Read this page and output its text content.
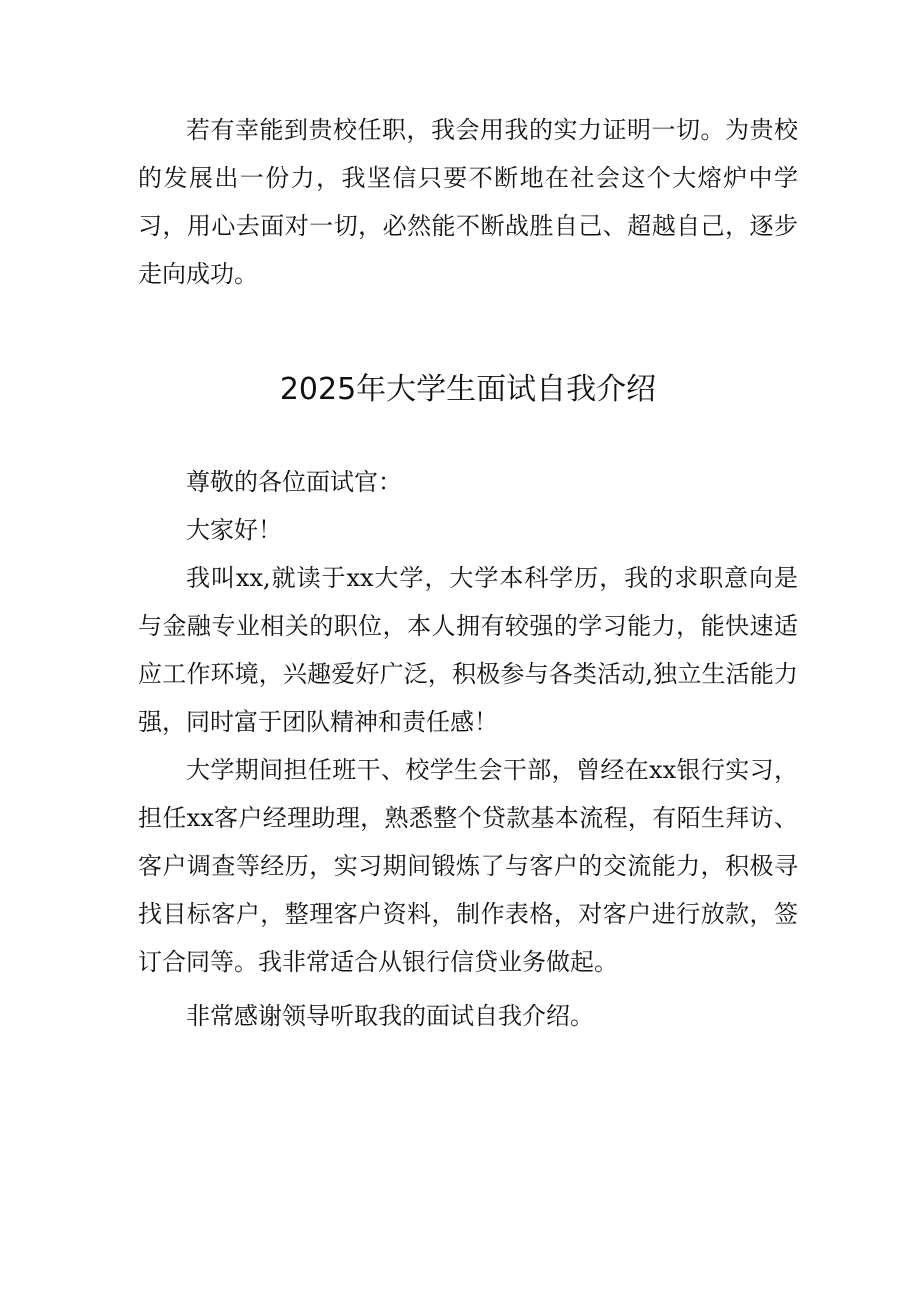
若有幸能到贵校任职，我会用我的实力证明一切。为贵校的发展出一份力，我坚信只要不断地在社会这个大熔炉中学习，用心去面对一切，必然能不断战胜自己、超越自己，逐步走向成功。

2025年大学生面试自我介绍

尊敬的各位面试官：

大家好！

我叫xx,就读于xx大学，大学本科学历，我的求职意向是与金融专业相关的职位，本人拥有较强的学习能力，能快速适应工作环境，兴趣爱好广泛，积极参与各类活动,独立生活能力强，同时富于团队精神和责任感！

大学期间担任班干、校学生会干部，曾经在xx银行实习，担任xx客户经理助理，熟悉整个贷款基本流程，有陌生拜访、客户调查等经历，实习期间锻炼了与客户的交流能力，积极寻找目标客户，整理客户资料，制作表格，对客户进行放款，签订合同等。我非常适合从银行信贷业务做起。

非常感谢领导听取我的面试自我介绍。
